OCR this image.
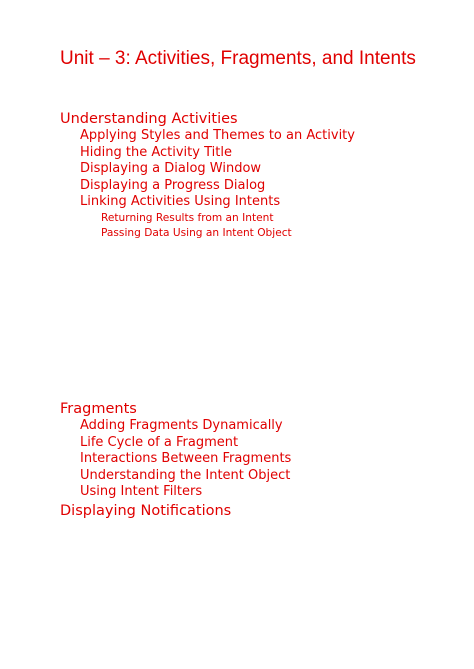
Unit – 3: Activities, Fragments, and Intents
Understanding Activities
Applying Styles and Themes to an Activity
Hiding the Activity Title
Displaying a Dialog Window
Displaying a Progress Dialog
Linking Activities Using Intents
Returning Results from an Intent
Passing Data Using an Intent Object
Fragments
Adding Fragments Dynamically
Life Cycle of a Fragment
Interactions Between Fragments
Understanding the Intent Object
Using Intent Filters
Displaying Notifications
